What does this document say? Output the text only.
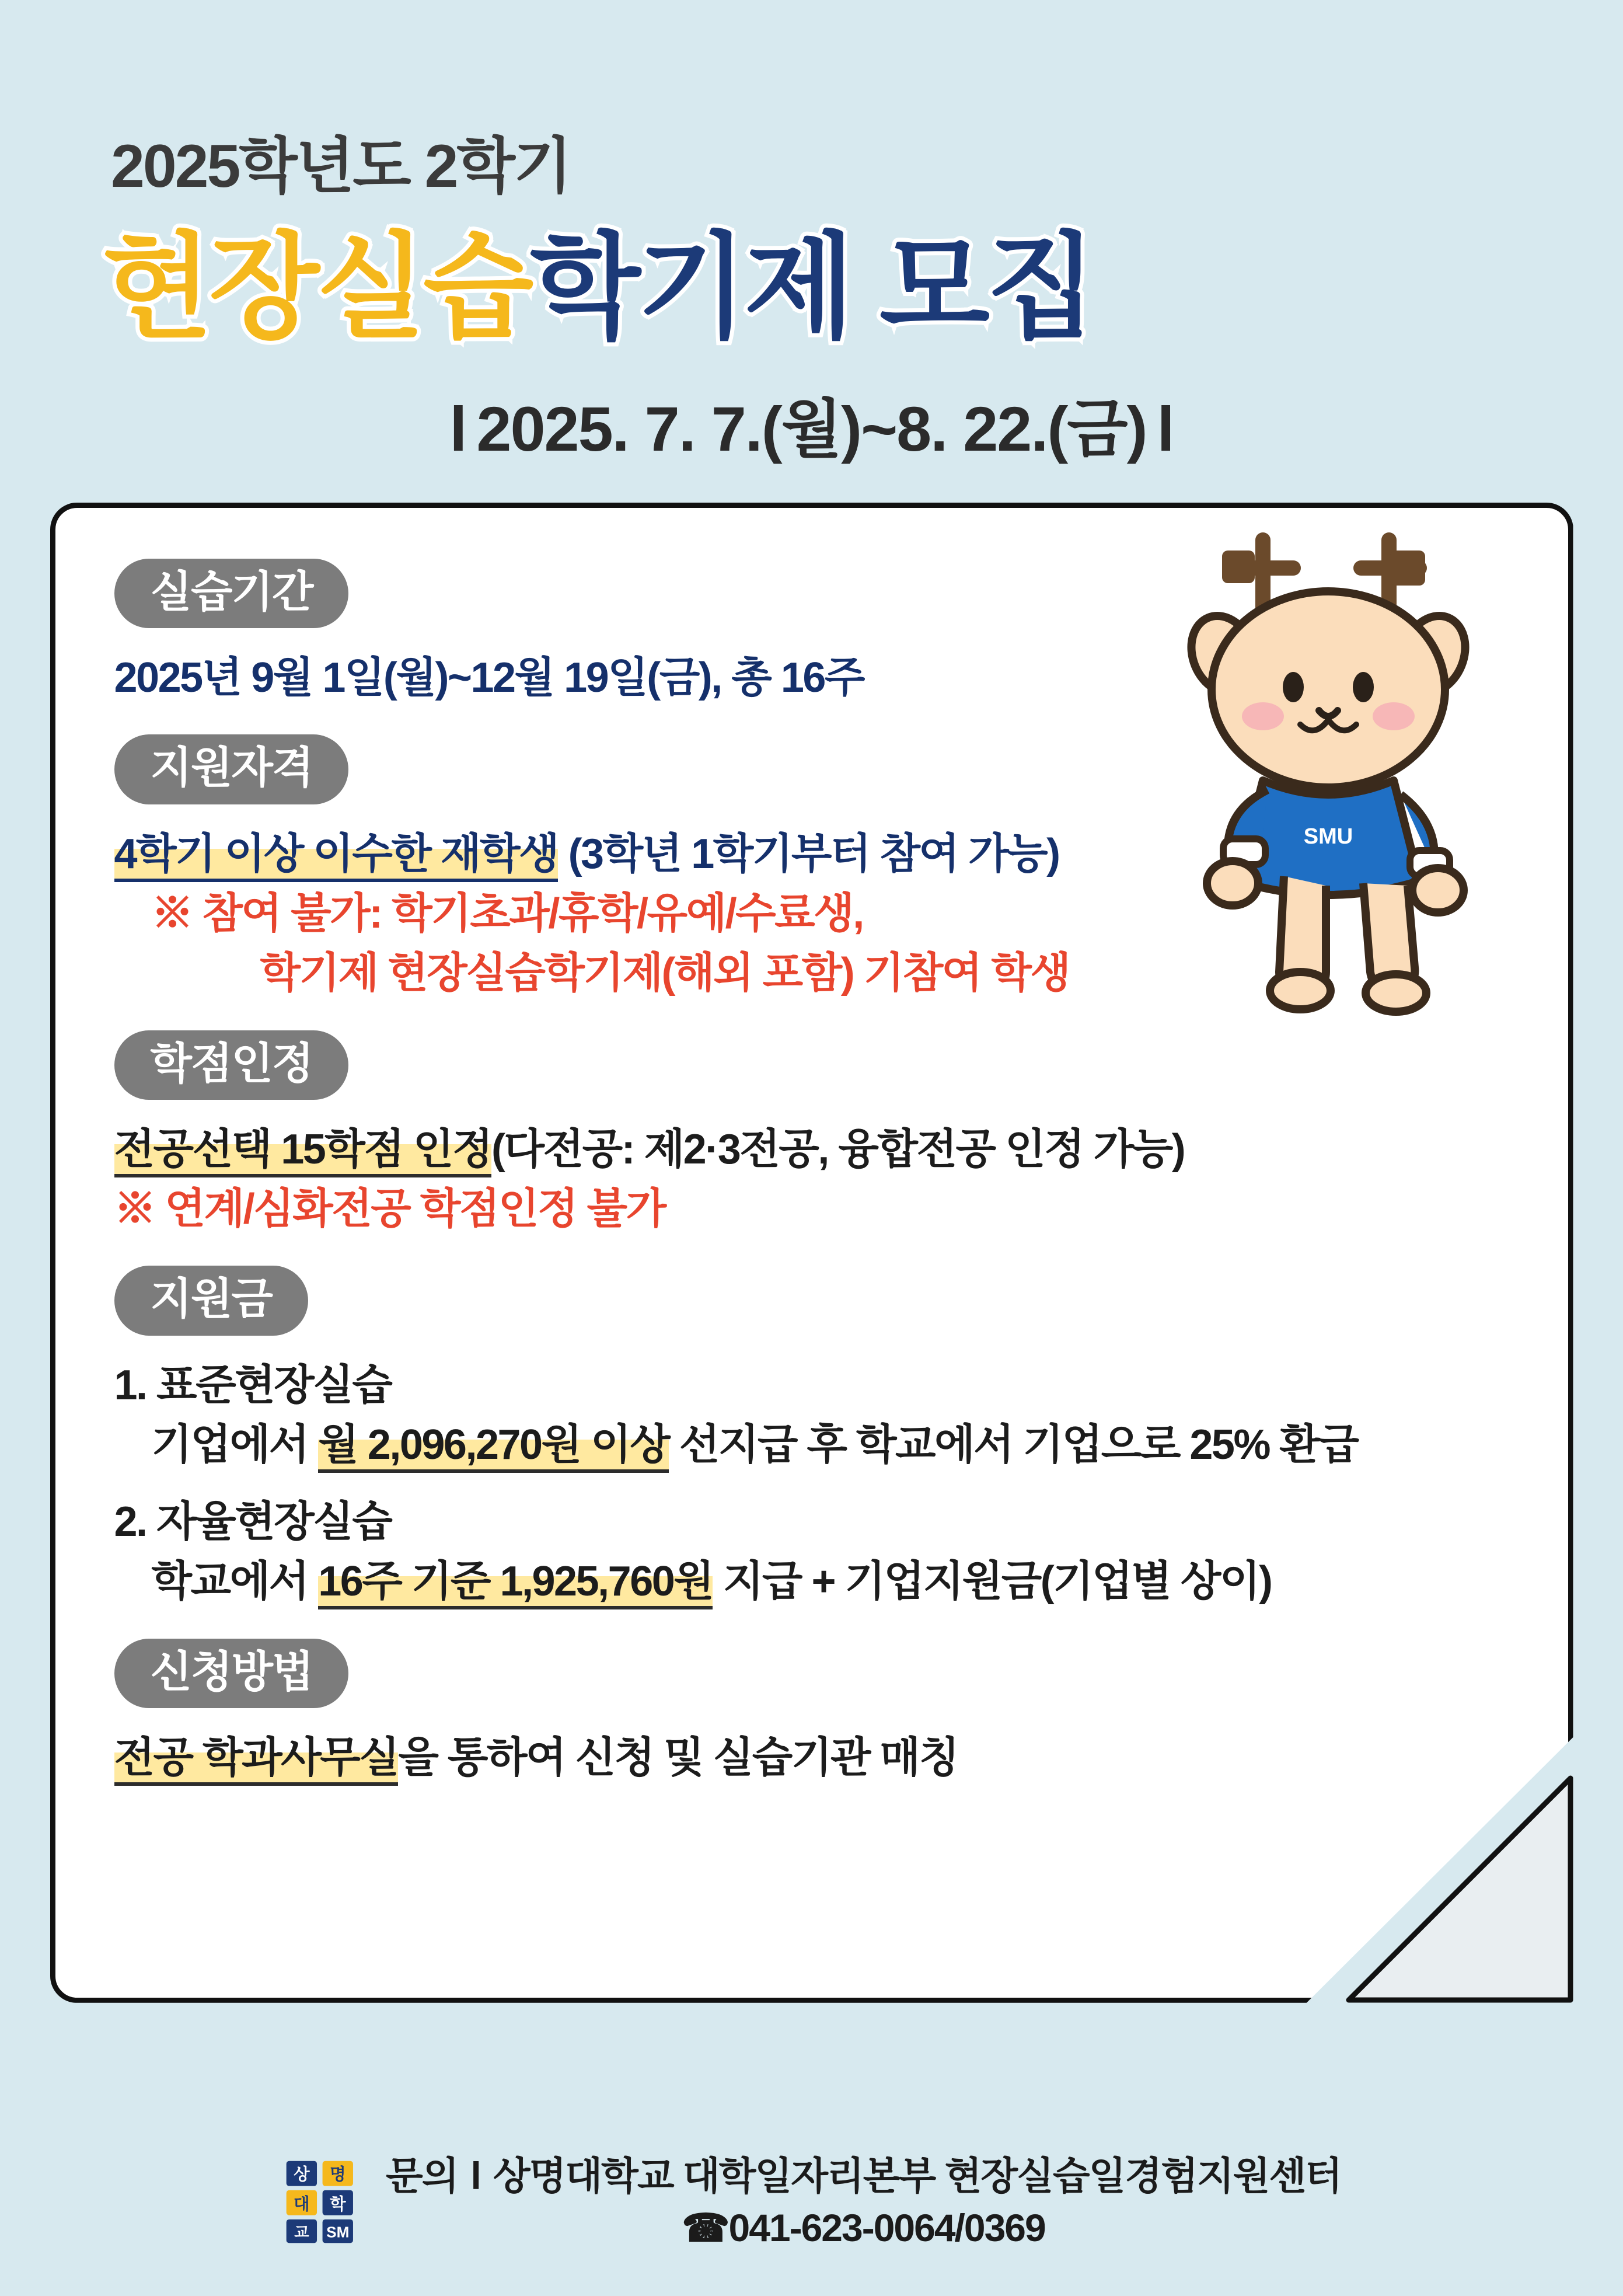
2025학년도 2학기
현장실습학기제 모집
l 2025. 7. 7.(월)~8. 22.(금) l
SMU
실습기간
2025년 9월 1일(월)~12월 19일(금), 총 16주
지원자격
4학기 이상 이수한 재학생 (3학년 1학기부터 참여 가능)
※ 참여 불가: 학기초과/휴학/유예/수료생,
학기제 현장실습학기제(해외 포함) 기참여 학생
학점인정
전공선택 15학점 인정(다전공: 제2·3전공, 융합전공 인정 가능)
※ 연계/심화전공 학점인정 불가
지원금
1. 표준현장실습
기업에서 월 2,096,270원 이상 선지급 후 학교에서 기업으로 25% 환급
2. 자율현장실습
학교에서 16주 기준 1,925,760원 지급 + 기업지원금(기업별 상이)
신청방법
전공 학과사무실을 통하여 신청 및 실습기관 매칭
상 명
대 학
교 SM
문의 l 상명대학교 대학일자리본부 현장실습일경험지원센터
☎041-623-0064/0369
